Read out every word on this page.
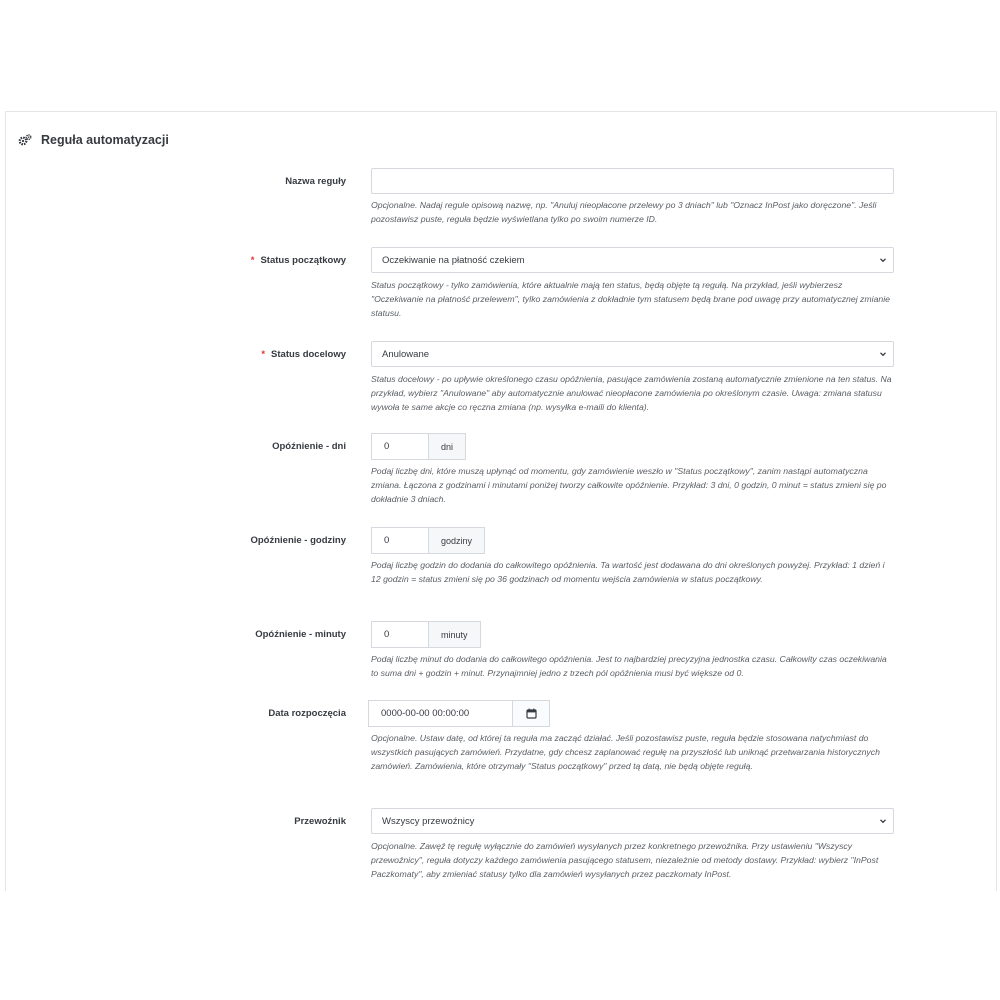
Reguła automatyzacji
Nazwa reguły
Opcjonalne. Nadaj regule opisową nazwę, np. "Anuluj nieopłacone przelewy po 3 dniach" lub "Oznacz InPost jako doręczone". Jeśli pozostawisz puste, reguła będzie wyświetlana tylko po swoim numerze ID.
* Status początkowy	Oczekiwanie na płatność czekiem
Status początkowy - tylko zamówienia, które aktualnie mają ten status, będą objęte tą regułą. Na przykład, jeśli wybierzesz "Oczekiwanie na płatność przelewem", tylko zamówienia z dokładnie tym statusem będą brane pod uwagę przy automatycznej zmianie statusu.
* Status docelowy	Anulowane
Status docelowy - po upływie określonego czasu opóźnienia, pasujące zamówienia zostaną automatycznie zmienione na ten status. Na przykład, wybierz "Anulowane" aby automatycznie anulować nieopłacone zamówienia po określonym czasie. Uwaga: zmiana statusu wywoła te same akcje co ręczna zmiana (np. wysyłka e-maili do klienta).
Opóźnienie - dni	0	dni
Podaj liczbę dni, które muszą upłynąć od momentu, gdy zamówienie weszło w "Status początkowy", zanim nastąpi automatyczna zmiana. Łączona z godzinami i minutami poniżej tworzy całkowite opóźnienie. Przykład: 3 dni, 0 godzin, 0 minut = status zmieni się po dokładnie 3 dniach.
Opóźnienie - godziny	0	godziny
Podaj liczbę godzin do dodania do całkowitego opóźnienia. Ta wartość jest dodawana do dni określonych powyżej. Przykład: 1 dzień i 12 godzin = status zmieni się po 36 godzinach od momentu wejścia zamówienia w status początkowy.
Opóźnienie - minuty	0	minuty
Podaj liczbę minut do dodania do całkowitego opóźnienia. Jest to najbardziej precyzyjna jednostka czasu. Całkowity czas oczekiwania to suma dni + godzin + minut. Przynajmniej jedno z trzech pól opóźnienia musi być większe od 0.
Data rozpoczęcia	0000-00-00 00:00:00
Opcjonalne. Ustaw datę, od której ta reguła ma zacząć działać. Jeśli pozostawisz puste, reguła będzie stosowana natychmiast do wszystkich pasujących zamówień. Przydatne, gdy chcesz zaplanować regułę na przyszłość lub uniknąć przetwarzania historycznych zamówień. Zamówienia, które otrzymały "Status początkowy" przed tą datą, nie będą objęte regułą.
Przewoźnik	Wszyscy przewoźnicy
Opcjonalne. Zawęź tę regułę wyłącznie do zamówień wysyłanych przez konkretnego przewoźnika. Przy ustawieniu "Wszyscy przewoźnicy", reguła dotyczy każdego zamówienia pasującego statusem, niezależnie od metody dostawy. Przykład: wybierz "InPost Paczkomaty", aby zmieniać statusy tylko dla zamówień wysyłanych przez paczkomaty InPost.
